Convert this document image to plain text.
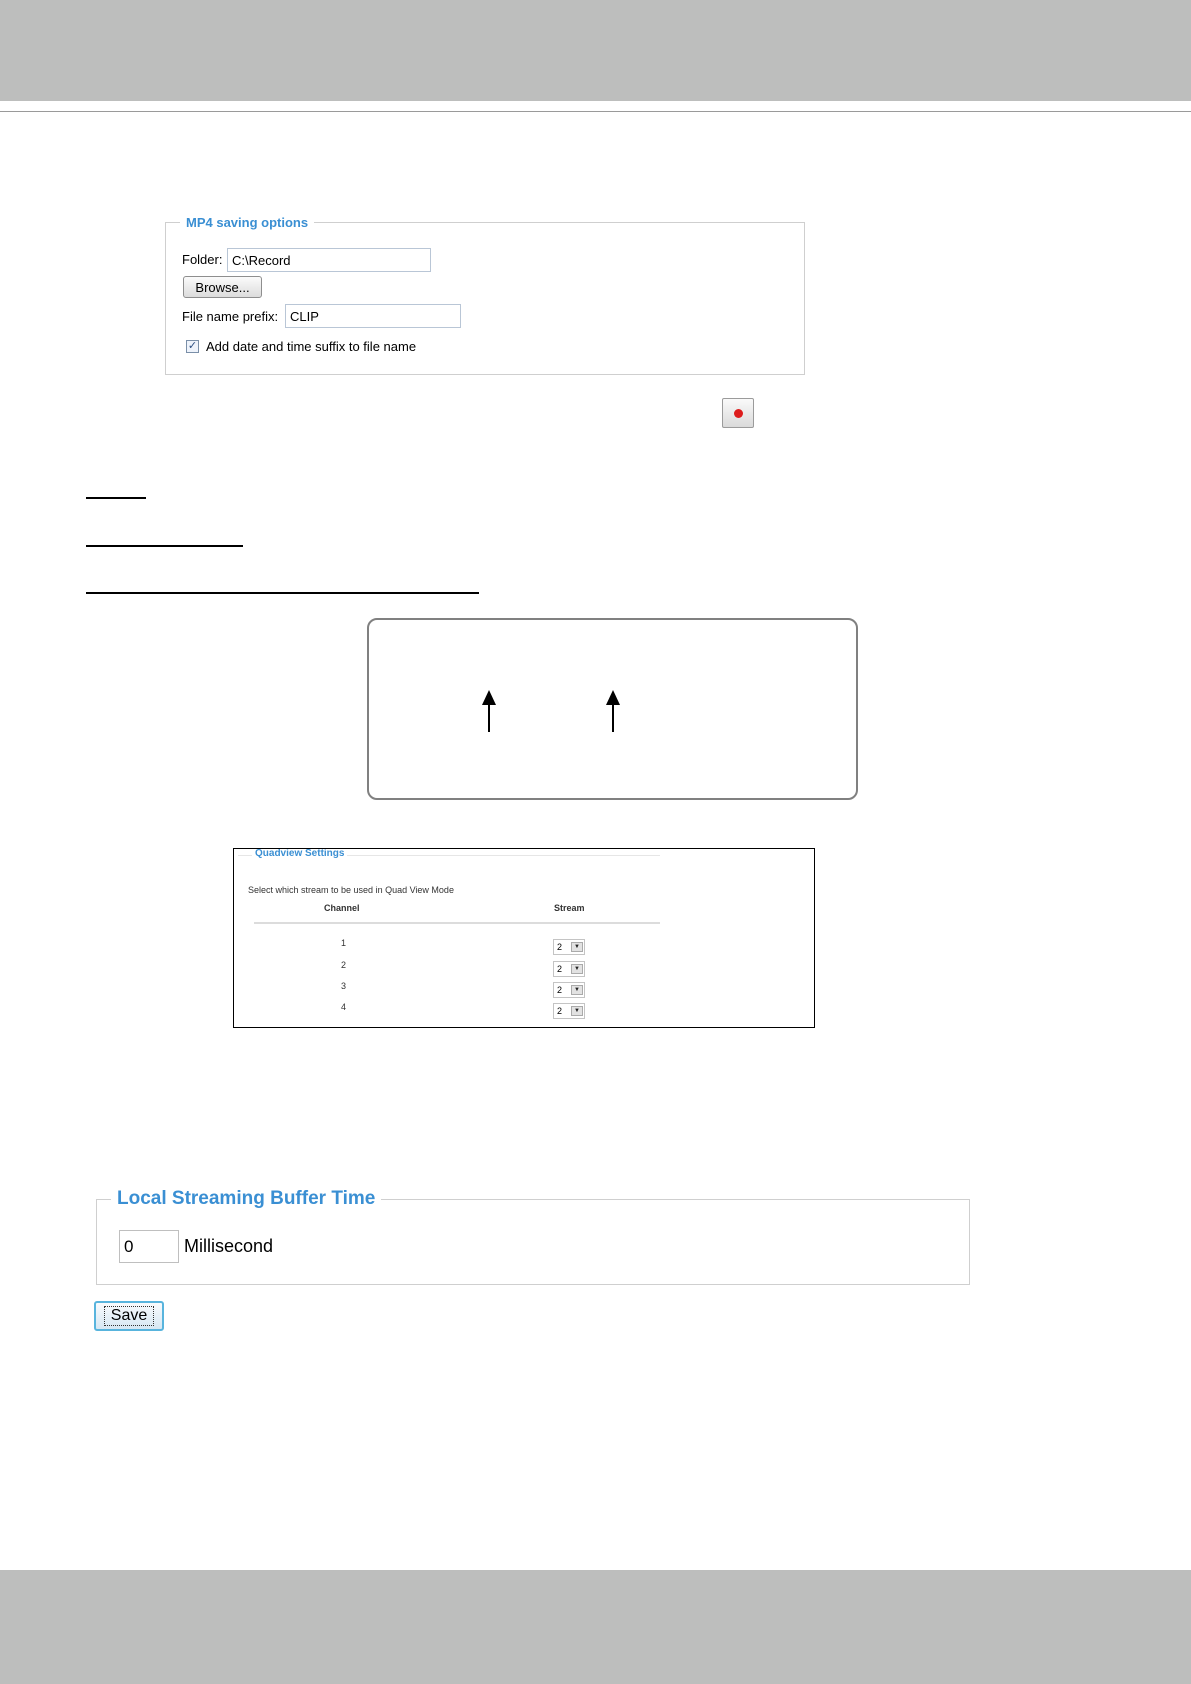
MP4 saving options
Folder:
C:\Record
Browse...
File name prefix:
CLIP
✓ Add date and time suffix to file name
Quadview Settings
Select which stream to be used in Quad View Mode
Channel	Stream
1	2	▼
2	2	▼
3	2	▼
4	2	▼
Local Streaming Buffer Time
0
Millisecond
Save
